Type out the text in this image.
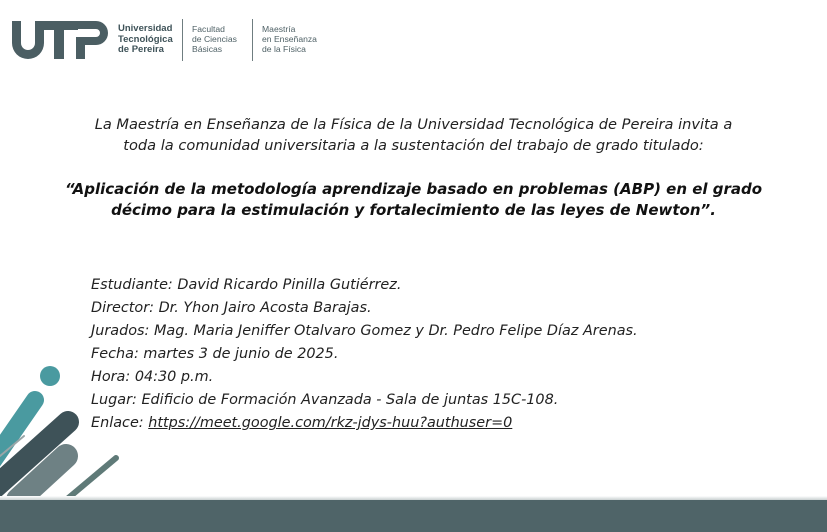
Universidad
Tecnológica
de Pereira
Facultad
de Ciencias
Básicas
Maestría
en Enseñanza
de la Física
La Maestría en Enseñanza de la Física de la Universidad Tecnológica de Pereira invita a
toda la comunidad universitaria a la sustentación del trabajo de grado titulado:
“Aplicación de la metodología aprendizaje basado en problemas (ABP) en el grado
décimo para la estimulación y fortalecimiento de las leyes de Newton”.
Estudiante: David Ricardo Pinilla Gutiérrez.
Director: Dr. Yhon Jairo Acosta Barajas.
Jurados: Mag. Maria Jeniffer Otalvaro Gomez y Dr. Pedro Felipe Díaz Arenas.
Fecha: martes 3 de junio de 2025.
Hora: 04:30 p.m.
Lugar: Edificio de Formación Avanzada - Sala de juntas 15C-108.
Enlace: https://meet.google.com/rkz-jdys-huu?authuser=0
